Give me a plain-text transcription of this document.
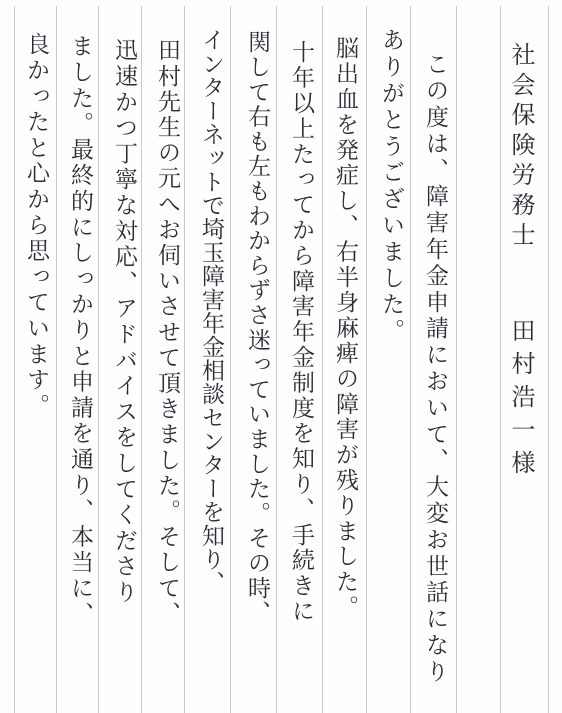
社会保険労務士
田村浩一様
この度は、障害年金申請において、大変お世話になり
ありがとうございました。
脳出血を発症し、右半身麻痺の障害が残りました。
十年以上たってから障害年金制度を知り、手続きに
関して右も左もわからずさ迷っていました。その時、
インターネットで埼玉障害年金相談センターを知り、
田村先生の元へお伺いさせて頂きました。そして、
迅速かつ丁寧な対応、アドバイスをしてくださり
ました。最終的にしっかりと申請を通り、本当に、
良かったと心から思っています。
